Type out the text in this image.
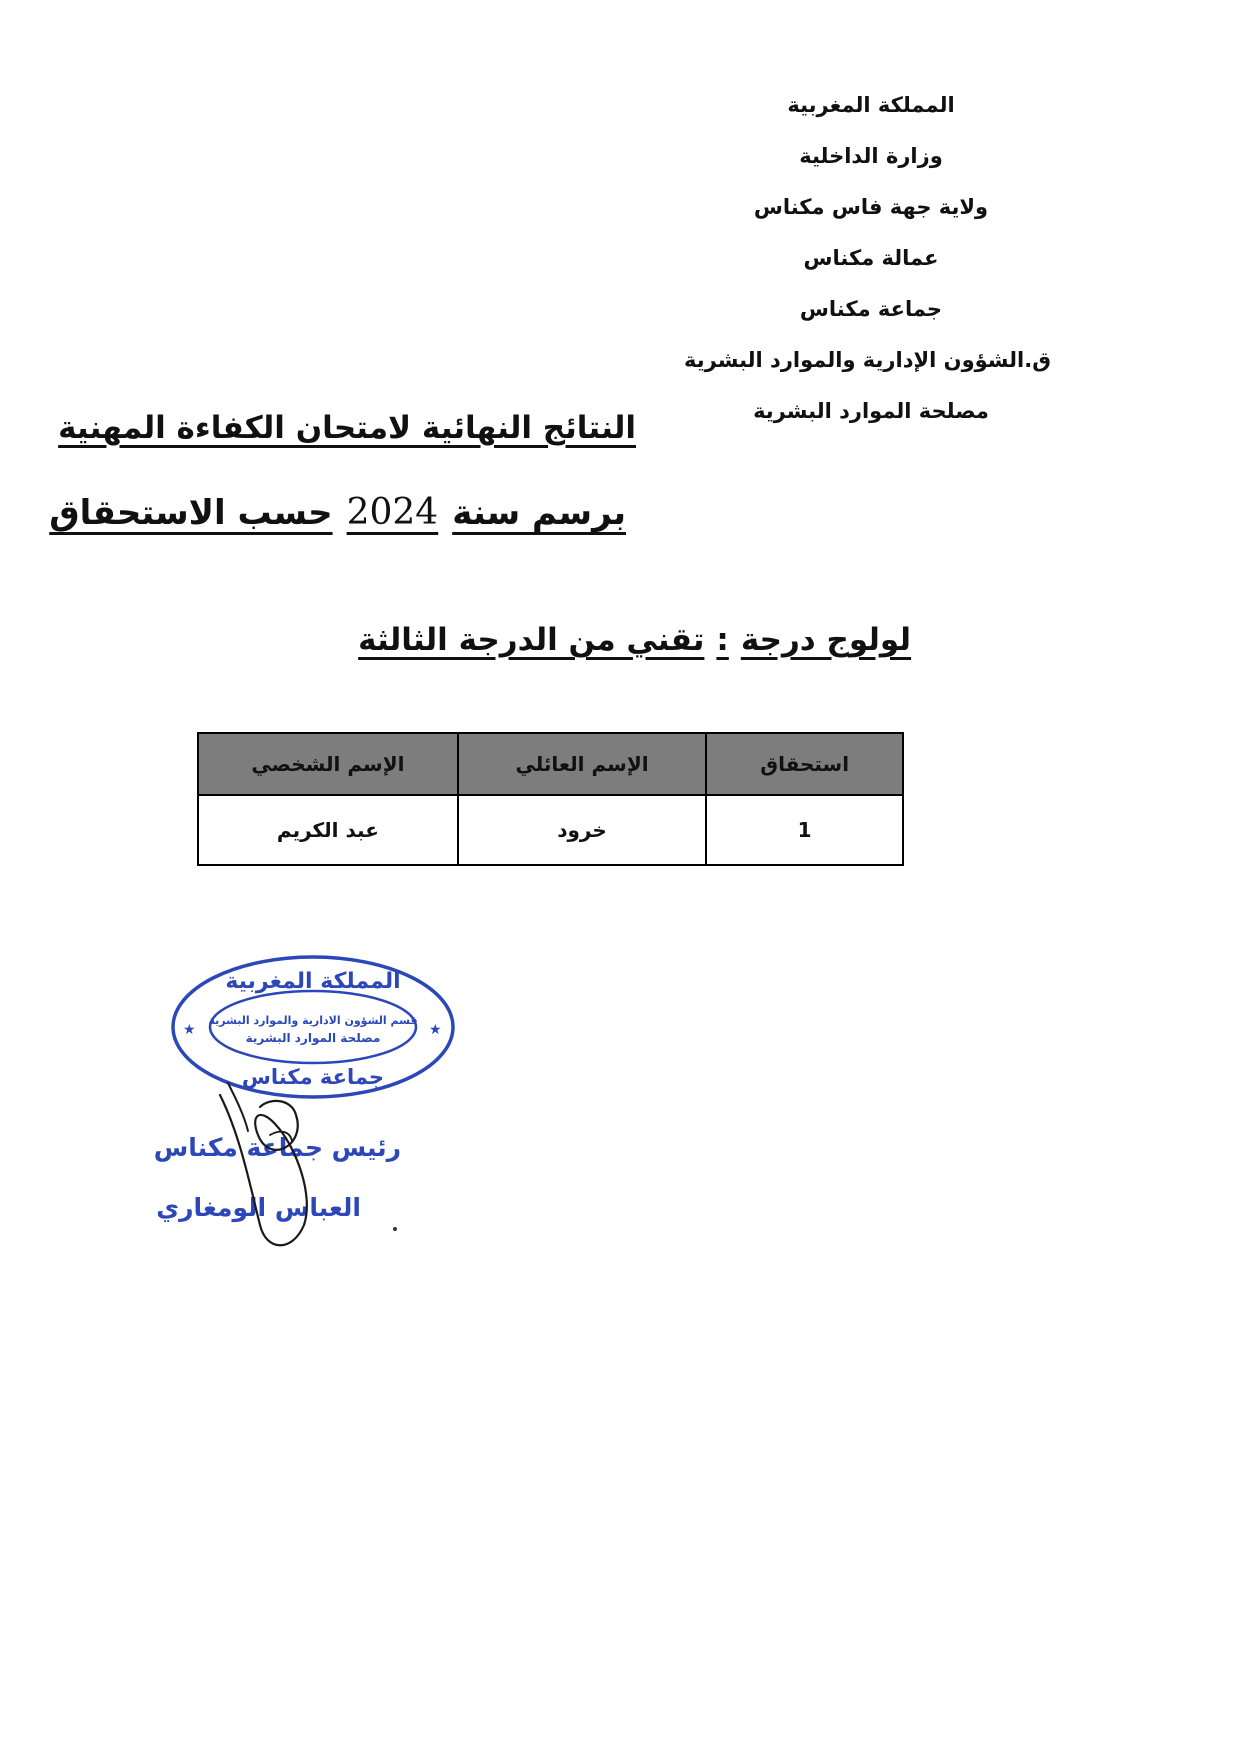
المملكة المغربية
وزارة الداخلية
ولاية جهة فاس مكناس
عمالة مكناس
جماعة مكناس
ق.الشؤون الإدارية والموارد البشرية
مصلحة الموارد البشرية
النتائج النهائية لامتحان الكفاءة المهنية
برسم سنة2024حسب الاستحقاق
لولوج درجة:تقني من الدرجة الثالثة
استحقاق	الإسم العائلي	الإسم الشخصي
1	خرود	عبد الكريم
المملكة المغربية
قسم الشؤون الادارية والموارد البشرية
مصلحة الموارد البشرية
جماعة مكناس
★	★
رئيس جماعة مكناس
العباس الومغاري
